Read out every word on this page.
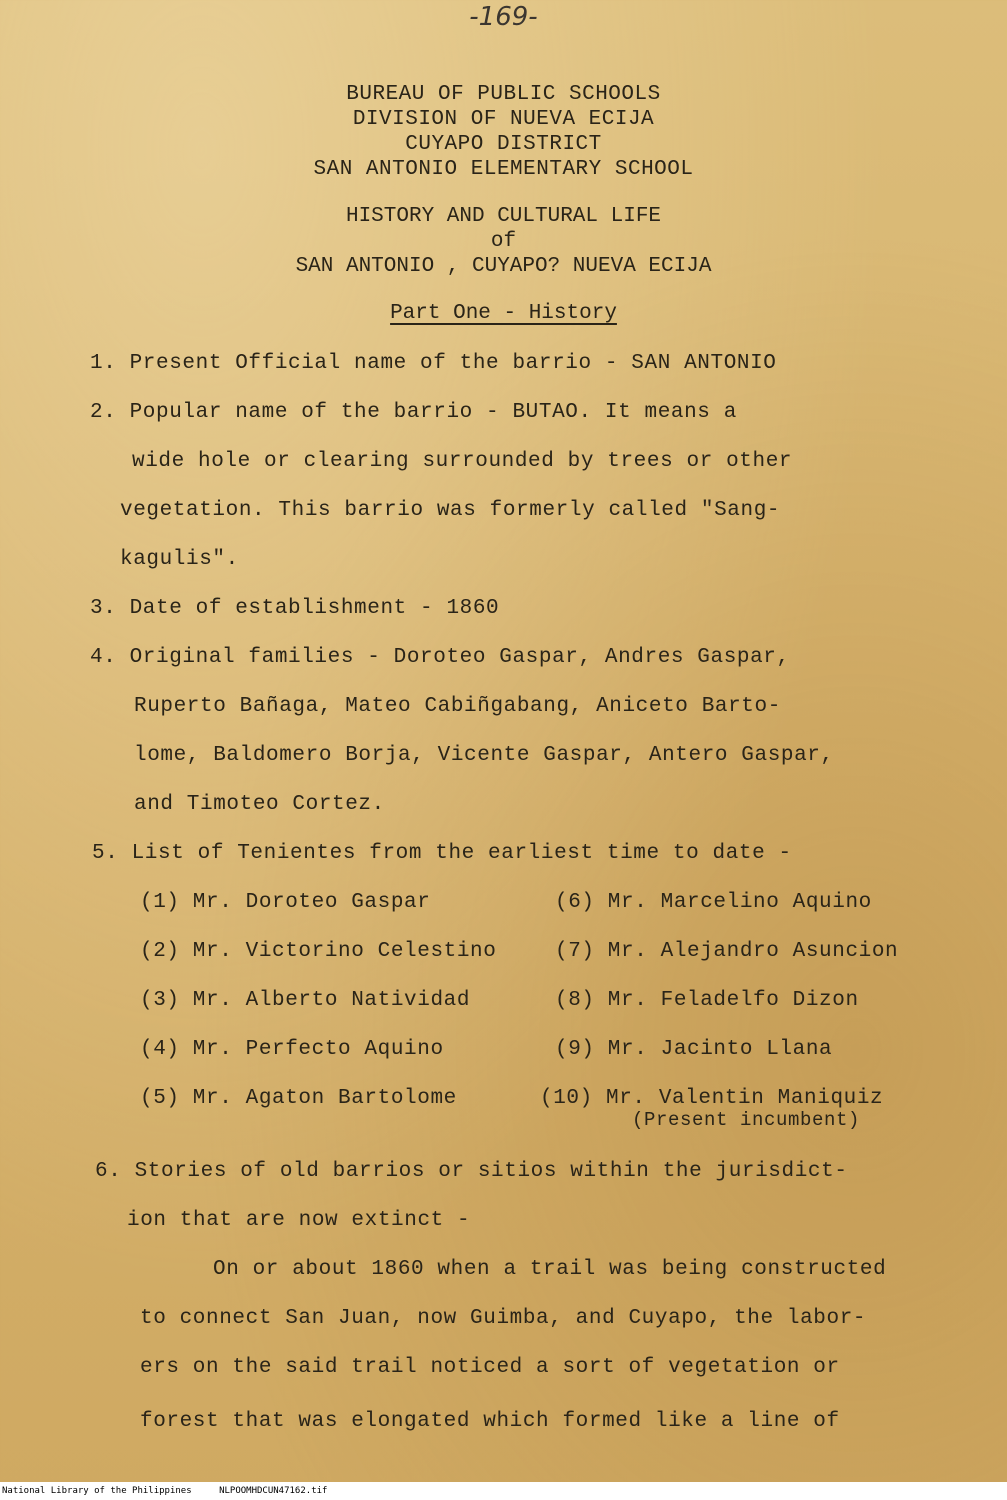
-169-
BUREAU OF PUBLIC SCHOOLS
DIVISION OF NUEVA ECIJA
CUYAPO DISTRICT
SAN ANTONIO ELEMENTARY SCHOOL
HISTORY AND CULTURAL LIFE
of
SAN ANTONIO , CUYAPO? NUEVA ECIJA
Part One - History
1. Present Official name of the barrio - SAN ANTONIO
2. Popular name of the barrio - BUTAO. It means a
wide hole or clearing surrounded by trees or other
vegetation. This barrio was formerly called "Sang-
kagulis".
3. Date of establishment - 1860
4. Original families - Doroteo Gaspar, Andres Gaspar,
Ruperto Bañaga, Mateo Cabiñgabang, Aniceto Barto-
lome, Baldomero Borja, Vicente Gaspar, Antero Gaspar,
and Timoteo Cortez.
5. List of Tenientes from the earliest time to date -
(1) Mr. Doroteo Gaspar
(2) Mr. Victorino Celestino
(3) Mr. Alberto Natividad
(4) Mr. Perfecto Aquino
(5) Mr. Agaton Bartolome
(6) Mr. Marcelino Aquino
(7) Mr. Alejandro Asuncion
(8) Mr. Feladelfo Dizon
(9) Mr. Jacinto Llana
(10) Mr. Valentin Maniquiz
(Present incumbent)
6. Stories of old barrios or sitios within the jurisdict-
ion that are now extinct -
On or about 1860 when a trail was being constructed
to connect San Juan, now Guimba, and Cuyapo, the labor-
ers on the said trail noticed a sort of vegetation or
forest that was elongated which formed like a line of
National Library of the Philippines	NLPOOMHDCUN47162.tif
